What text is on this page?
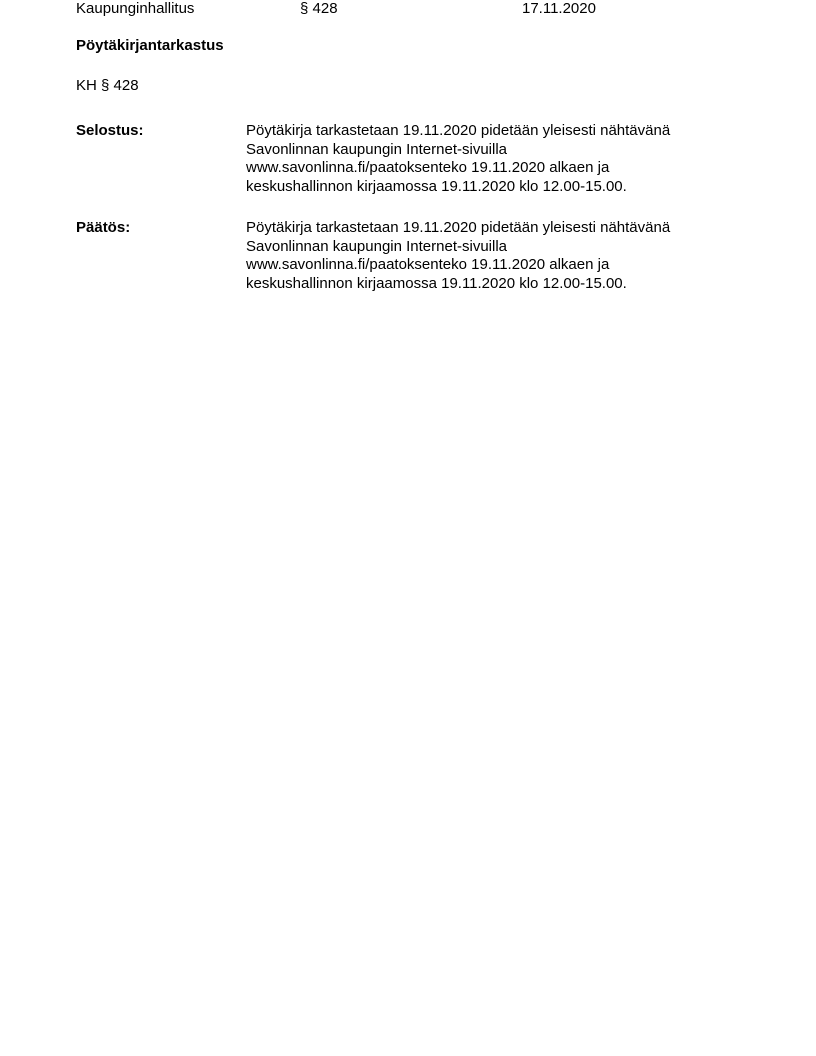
Kaupunginhallitus	§ 428	17.11.2020
Pöytäkirjantarkastus
KH § 428
Selostus:	Pöytäkirja tarkastetaan 19.11.2020 pidetään yleisesti nähtävänä
Savonlinnan kaupungin Internet-sivuilla
www.savonlinna.fi/paatoksenteko 19.11.2020 alkaen ja
keskushallinnon kirjaamossa 19.11.2020 klo 12.00-15.00.
Päätös:	Pöytäkirja tarkastetaan 19.11.2020 pidetään yleisesti nähtävänä
Savonlinnan kaupungin Internet-sivuilla
www.savonlinna.fi/paatoksenteko 19.11.2020 alkaen ja
keskushallinnon kirjaamossa 19.11.2020 klo 12.00-15.00.
